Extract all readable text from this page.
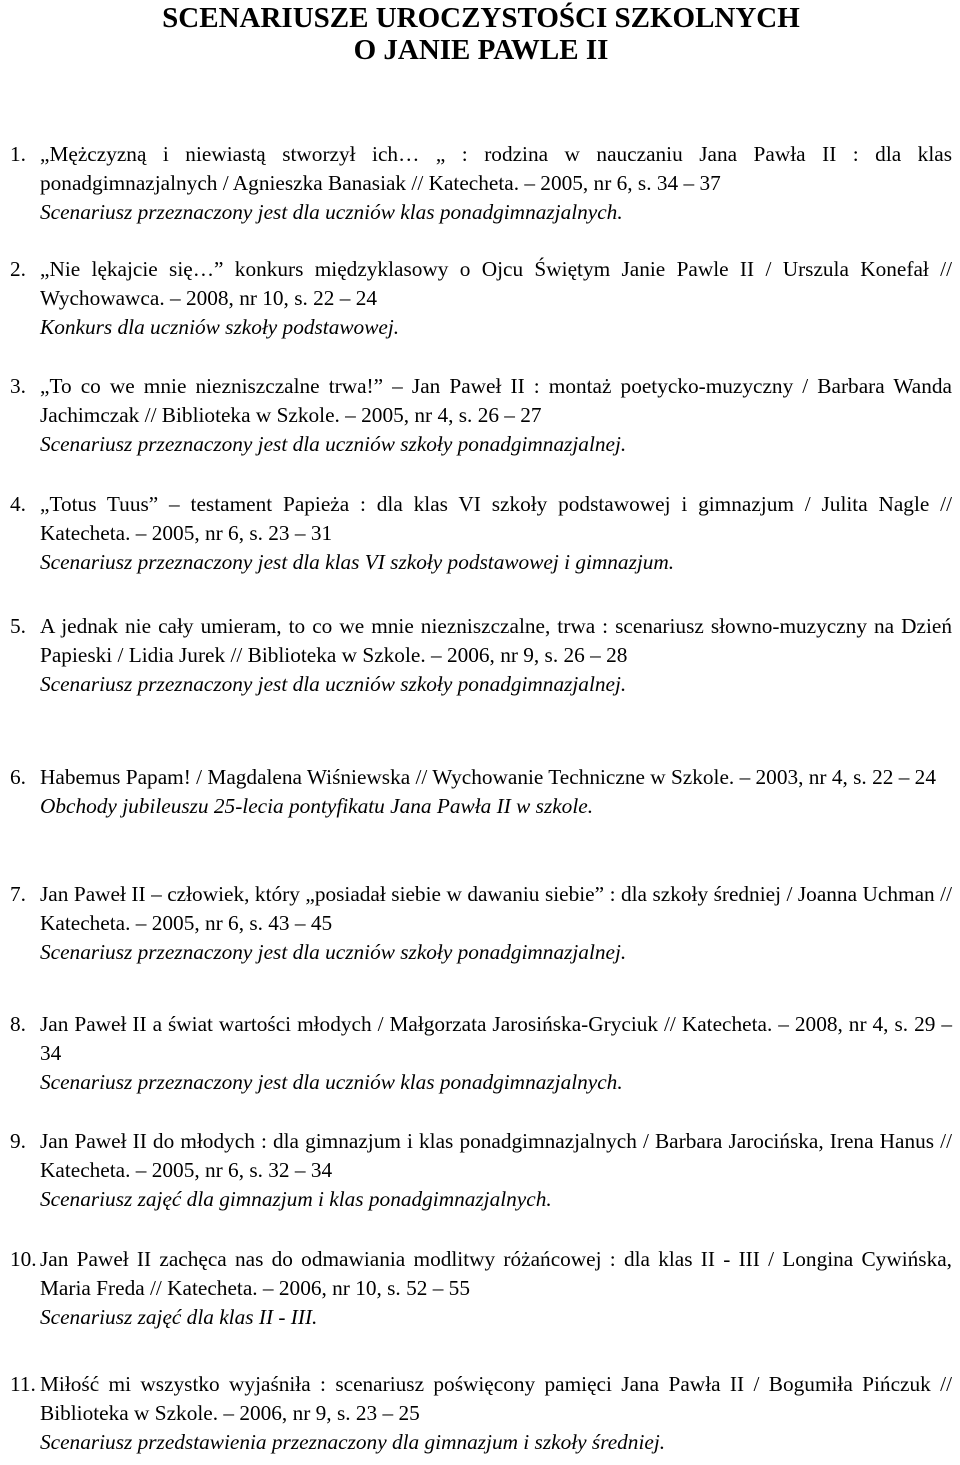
SCENARIUSZE UROCZYSTOŚCI SZKOLNYCH
O JANIE PAWLE II
1. „Mężczyzną i niewiastą stworzył ich… „ : rodzina w nauczaniu Jana Pawła II : dla klas ponadgimnazjalnych / Agnieszka Banasiak // Katecheta. – 2005, nr 6, s. 34 – 37
Scenariusz przeznaczony jest dla uczniów klas ponadgimnazjalnych.
2. „Nie lękajcie się…” konkurs międzyklasowy o Ojcu Świętym Janie Pawle II / Urszula Konefał // Wychowawca. – 2008, nr 10, s. 22 – 24
Konkurs dla uczniów szkoły podstawowej.
3. „To co we mnie niezniszczalne trwa!” – Jan Paweł II : montaż poetycko-muzyczny / Barbara Wanda Jachimczak // Biblioteka w Szkole. – 2005, nr 4, s. 26 – 27
Scenariusz przeznaczony jest dla uczniów szkoły ponadgimnazjalnej.
4. „Totus Tuus” – testament Papieża : dla klas VI szkoły podstawowej i gimnazjum / Julita Nagle // Katecheta. – 2005, nr 6, s. 23 – 31
Scenariusz przeznaczony jest dla klas VI szkoły podstawowej i gimnazjum.
5. A jednak nie cały umieram, to co we mnie niezniszczalne, trwa : scenariusz słowno-muzyczny na Dzień Papieski / Lidia Jurek // Biblioteka w Szkole. – 2006, nr 9, s. 26 – 28
Scenariusz przeznaczony jest dla uczniów szkoły ponadgimnazjalnej.
6. Habemus Papam! / Magdalena Wiśniewska // Wychowanie Techniczne w Szkole. – 2003, nr 4, s. 22 – 24
Obchody jubileuszu 25-lecia pontyfikatu Jana Pawła II w szkole.
7. Jan Paweł II – człowiek, który „posiadał siebie w dawaniu siebie” : dla szkoły średniej / Joanna Uchman // Katecheta. – 2005, nr 6, s. 43 – 45
Scenariusz przeznaczony jest dla uczniów szkoły ponadgimnazjalnej.
8. Jan Paweł II a świat wartości młodych / Małgorzata Jarosińska-Gryciuk // Katecheta. – 2008, nr 4, s. 29 – 34
Scenariusz przeznaczony jest dla uczniów klas ponadgimnazjalnych.
9. Jan Paweł II do młodych : dla gimnazjum i klas ponadgimnazjalnych / Barbara Jarocińska, Irena Hanus // Katecheta. – 2005, nr 6, s. 32 – 34
Scenariusz zajęć dla gimnazjum i klas ponadgimnazjalnych.
10. Jan Paweł II zachęca nas do odmawiania modlitwy różańcowej : dla klas II - III / Longina Cywińska, Maria Freda // Katecheta. – 2006, nr 10, s. 52 – 55
Scenariusz zajęć dla klas II - III.
11. Miłość mi wszystko wyjaśniła : scenariusz poświęcony pamięci Jana Pawła II / Bogumiła Pińczuk // Biblioteka w Szkole. – 2006, nr 9, s. 23 – 25
Scenariusz przedstawienia przeznaczony dla gimnazjum i szkoły średniej.
